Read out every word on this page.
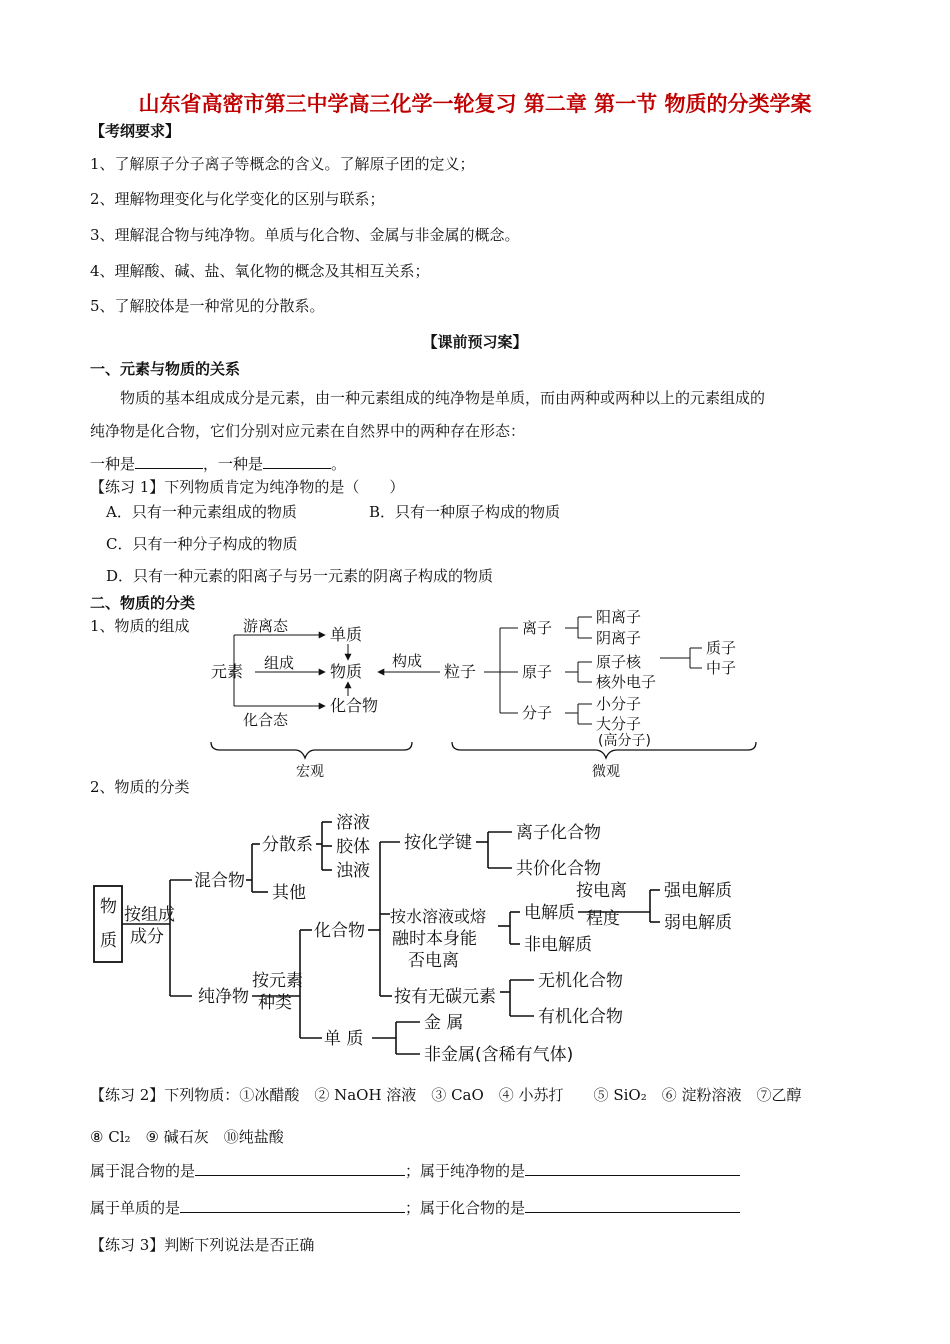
山东省高密市第三中学高三化学一轮复习 第二章 第一节 物质的分类学案
【考纲要求】
1、了解原子分子离子等概念的含义。了解原子团的定义；
2、理解物理变化与化学变化的区别与联系；
3、理解混合物与纯净物。单质与化合物、金属与非金属的概念。
4、理解酸、碱、盐、氧化物的概念及其相互关系；
5、了解胶体是一种常见的分散系。
【课前预习案】
一、元素与物质的关系
物质的基本组成成分是元素，由一种元素组成的纯净物是单质，而由两种或两种以上的元素组成的
纯净物是化合物，它们分别对应元素在自然界中的两种存在形态：
一种是	，一种是	。
【练习 1】下列物质肯定为纯净物的是（　　）
A．只有一种元素组成的物质	B．只有一种原子构成的物质
C．只有一种分子构成的物质
D．只有一种元素的阳离子与另一元素的阴离子构成的物质
二、物质的分类
1、物质的组成
2、物质的分类
游离态
组成
化合态
元素
单质
物质
化合物
构成
粒子
离子
原子
分子
阳离子
阴离子
原子核
核外电子
质子
中子
小分子
大分子
(高分子)
宏观	微观
物
质
按组成
成分
混合物
纯净物
分散系
其他
溶液
胶体
浊液
按元素
种类
化合物
单 质
按化学键
按水溶液或熔
融时本身能
否电离
按有无碳元素
离子化合物
共价化合物
电解质
非电解质
按电离
程度
强电解质
弱电解质
无机化合物
有机化合物
金 属
非金属(含稀有气体)
【练习 2】下列物质：①冰醋酸　② NaOH 溶液　③ CaO　④ 小苏打　　⑤ SiO₂　⑥ 淀粉溶液　⑦乙醇
⑧ Cl₂　⑨ 碱石灰　⑩纯盐酸
属于混合物的是	；属于纯净物的是
属于单质的是	；属于化合物的是
【练习 3】判断下列说法是否正确
